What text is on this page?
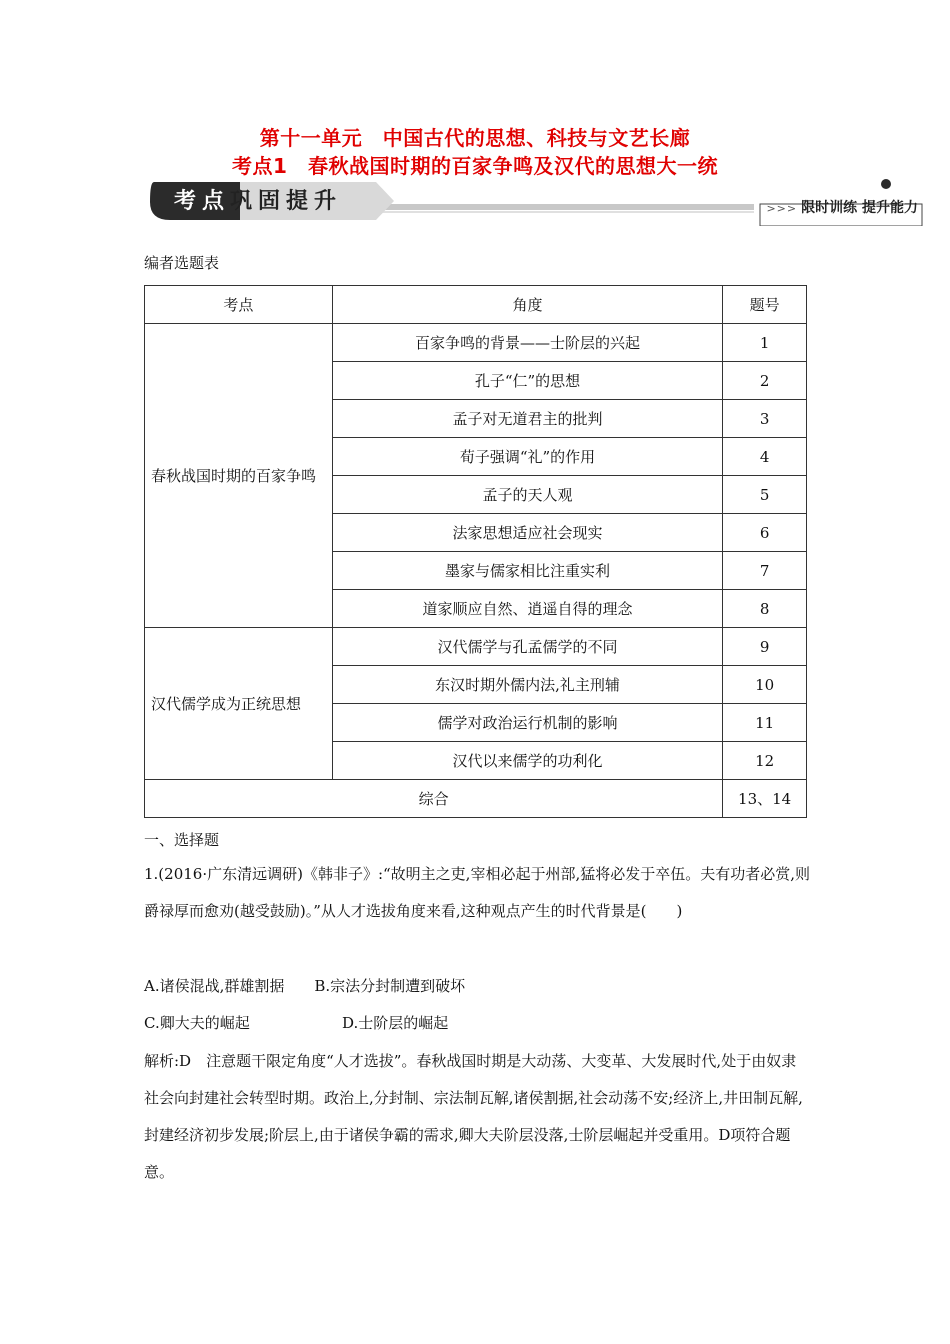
第十一单元　中国古代的思想、科技与文艺长廊
考点1　春秋战国时期的百家争鸣及汉代的思想大一统
考点巩固提升	>>> 限时训练 提升能力
编者选题表
考点	角度	题号
春秋战国时期的百家争鸣	百家争鸣的背景——士阶层的兴起	1
	孔子“仁”的思想	2
	孟子对无道君主的批判	3
	荀子强调“礼”的作用	4
	孟子的天人观	5
	法家思想适应社会现实	6
	墨家与儒家相比注重实利	7
	道家顺应自然、逍遥自得的理念	8
汉代儒学成为正统思想	汉代儒学与孔孟儒学的不同	9
	东汉时期外儒内法,礼主刑辅	10
	儒学对政治运行机制的影响	11
	汉代以来儒学的功利化	12
综合		13、14
一、选择题
1.(2016·广东清远调研)《韩非子》:“故明主之吏,宰相必起于州部,猛将必发于卒伍。夫有功者必赏,则爵禄厚而愈劝(越受鼓励)。”从人才选拔角度来看,这种观点产生的时代背景是(　　)
A.诸侯混战,群雄割据 B.宗法分封制遭到破坏
C.卿大夫的崛起	D.士阶层的崛起
解析:D　注意题干限定角度“人才选拔”。春秋战国时期是大动荡、大变革、大发展时代,处于由奴隶社会向封建社会转型时期。政治上,分封制、宗法制瓦解,诸侯割据,社会动荡不安;经济上,井田制瓦解,封建经济初步发展;阶层上,由于诸侯争霸的需求,卿大夫阶层没落,士阶层崛起并受重用。D项符合题意。
